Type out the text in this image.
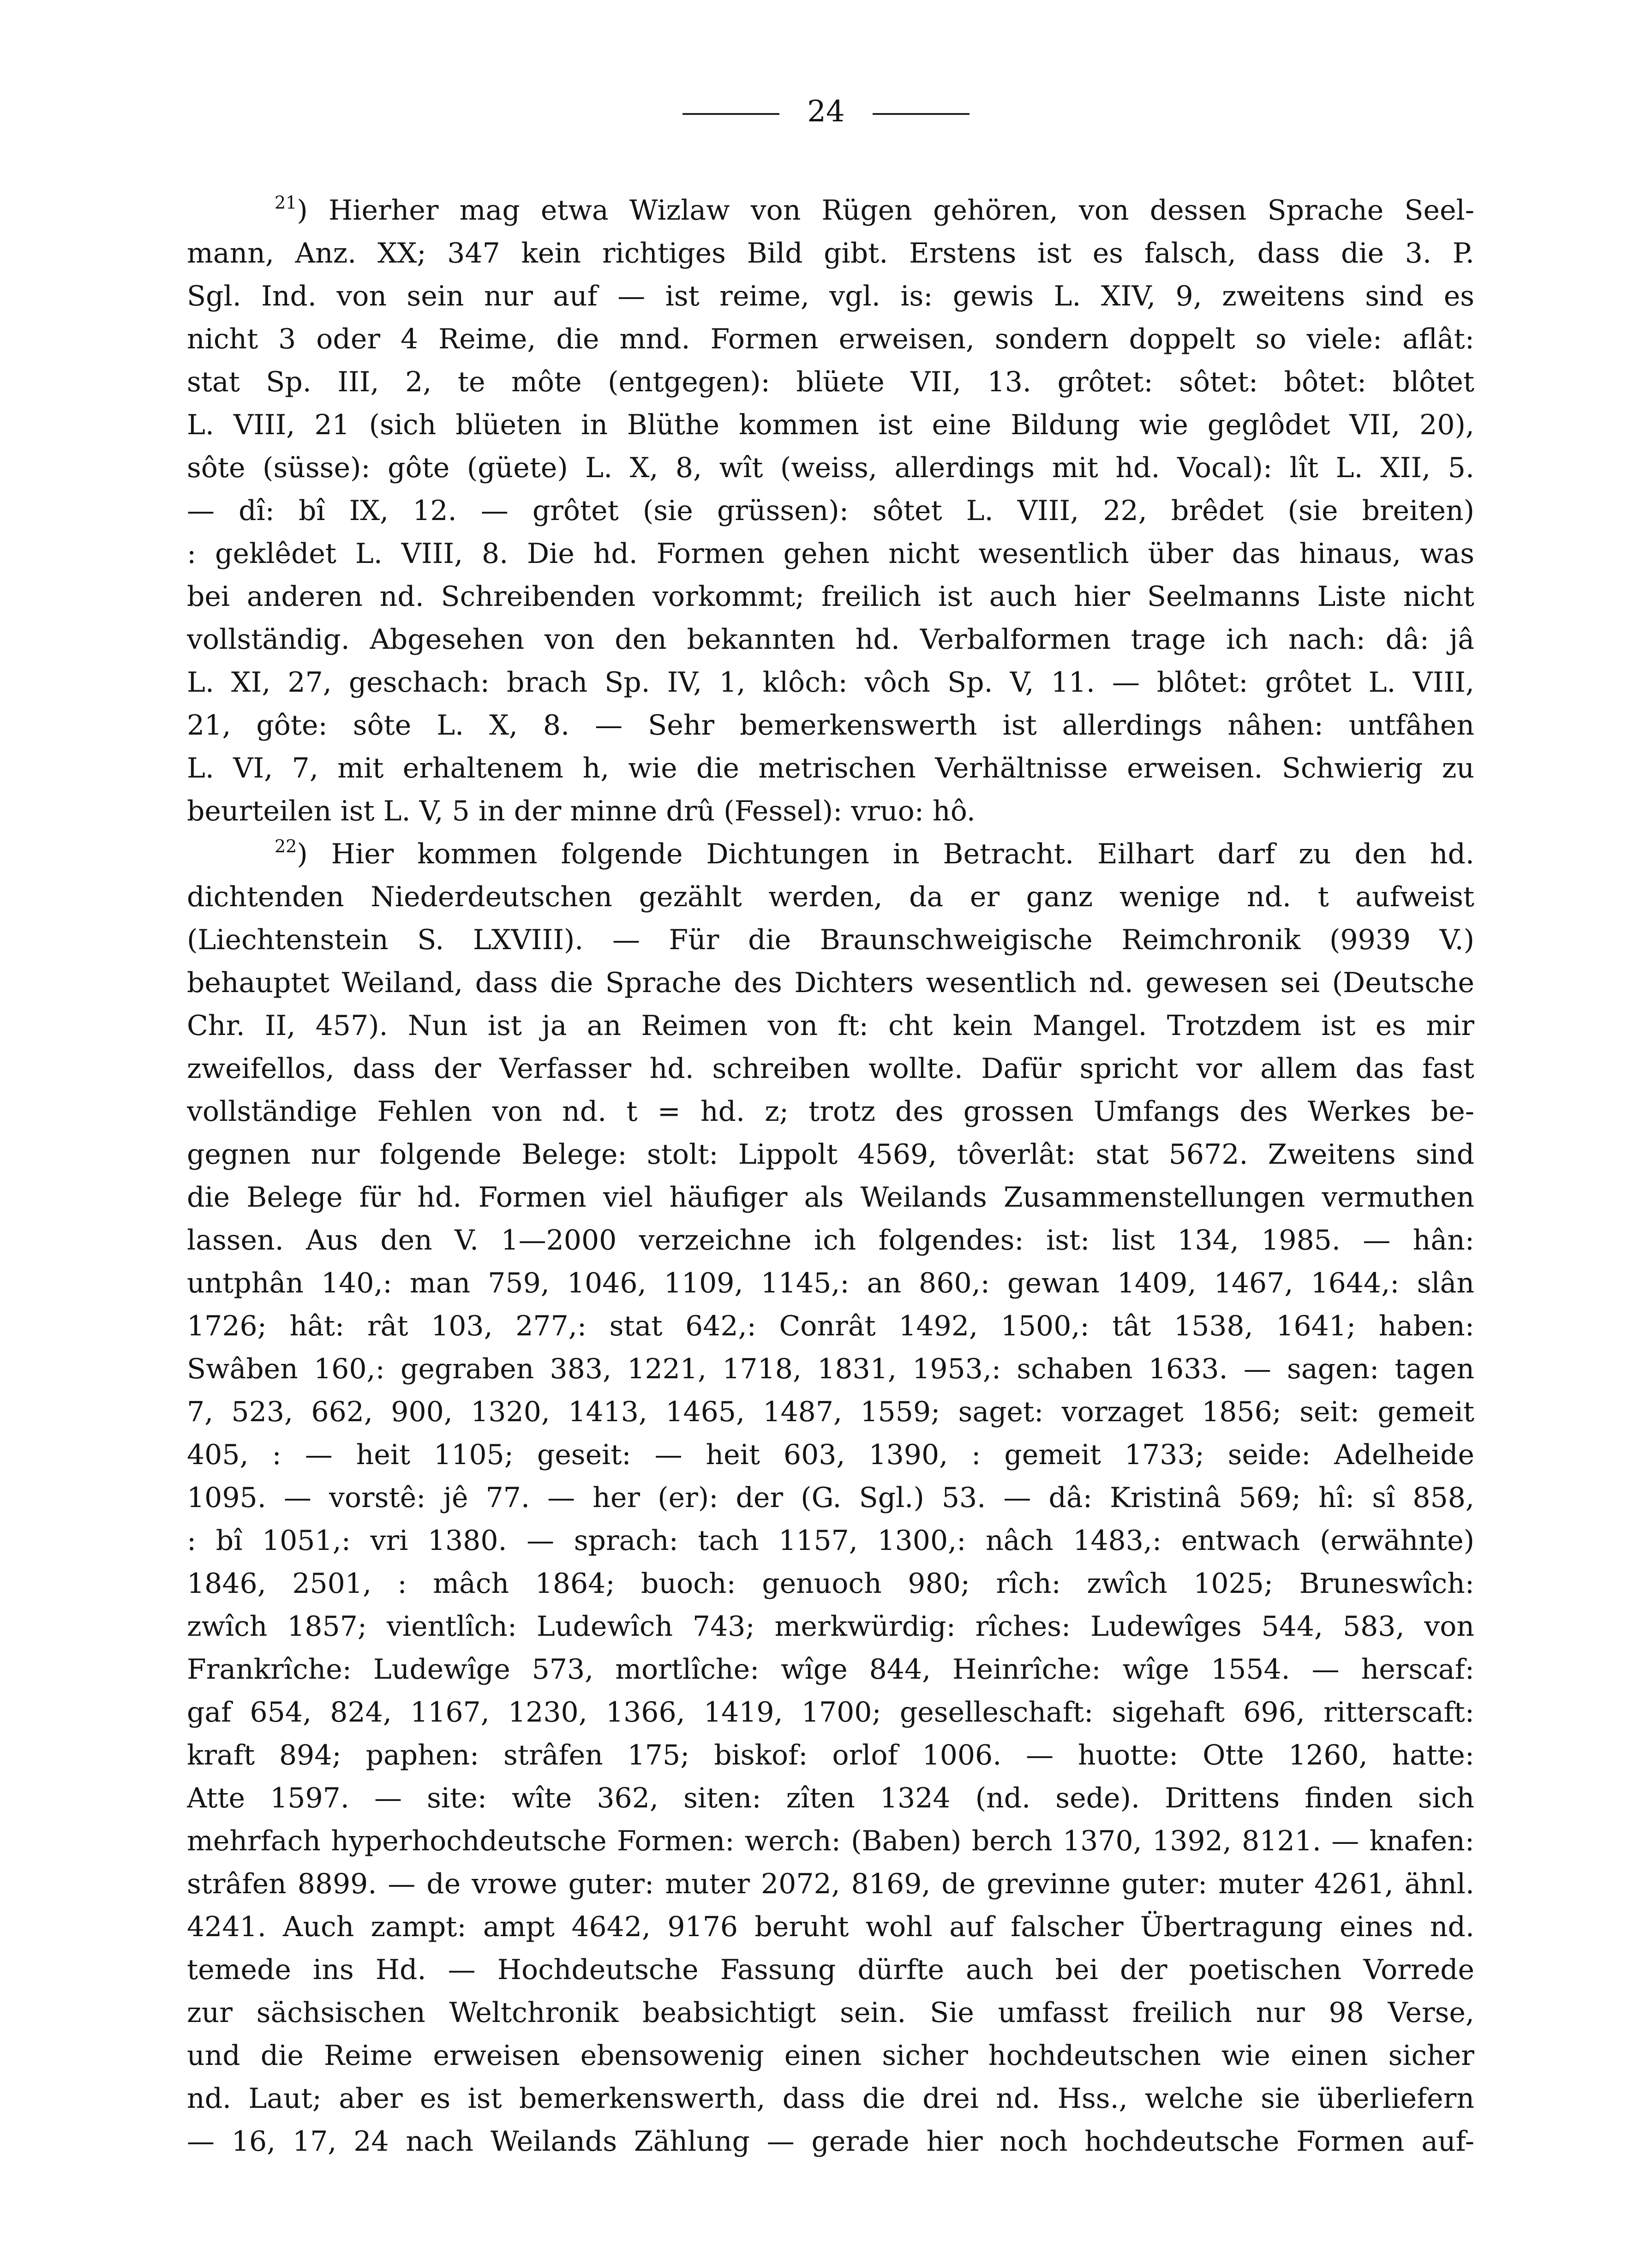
24
$^{21}$) Hierher mag etwa Wizlaw von Rügen gehören, von dessen Sprache Seel-
mann, Anz. XX; 347 kein richtiges Bild gibt. Erstens ist es falsch, dass die 3. P.
Sgl. Ind. von sein nur auf — ist reime, vgl. is: gewis L. XIV, 9, zweitens sind es
nicht 3 oder 4 Reime, die mnd. Formen erweisen, sondern doppelt so viele: aflât:
stat Sp. III, 2, te môte (entgegen): blüete VII, 13. grôtet: sôtet: bôtet: blôtet
L. VIII, 21 (sich blüeten in Blüthe kommen ist eine Bildung wie geglôdet VII, 20),
sôte (süsse): gôte (güete) L. X, 8, wît (weiss, allerdings mit hd. Vocal): lît L. XII, 5.
— dî: bî IX, 12. — grôtet (sie grüssen): sôtet L. VIII, 22, brêdet (sie breiten)
: geklêdet L. VIII, 8. Die hd. Formen gehen nicht wesentlich über das hinaus, was
bei anderen nd. Schreibenden vorkommt; freilich ist auch hier Seelmanns Liste nicht
vollständig. Abgesehen von den bekannten hd. Verbalformen trage ich nach: dâ: jâ
L. XI, 27, geschach: brach Sp. IV, 1, klôch: vôch Sp. V, 11. — blôtet: grôtet L. VIII,
21, gôte: sôte L. X, 8. — Sehr bemerkenswerth ist allerdings nâhen: untfâhen
L. VI, 7, mit erhaltenem h, wie die metrischen Verhältnisse erweisen. Schwierig zu
beurteilen ist L. V, 5 in der minne drû (Fessel): vruo: hô.
$^{22}$) Hier kommen folgende Dichtungen in Betracht. Eilhart darf zu den hd.
dichtenden Niederdeutschen gezählt werden, da er ganz wenige nd. t aufweist
(Liechtenstein S. LXVIII). — Für die Braunschweigische Reimchronik (9939 V.)
behauptet Weiland, dass die Sprache des Dichters wesentlich nd. gewesen sei (Deutsche
Chr. II, 457). Nun ist ja an Reimen von ft: cht kein Mangel. Trotzdem ist es mir
zweifellos, dass der Verfasser hd. schreiben wollte. Dafür spricht vor allem das fast
vollständige Fehlen von nd. t = hd. z; trotz des grossen Umfangs des Werkes be-
gegnen nur folgende Belege: stolt: Lippolt 4569, tôverlât: stat 5672. Zweitens sind
die Belege für hd. Formen viel häufiger als Weilands Zusammenstellungen vermuthen
lassen. Aus den V. 1—2000 verzeichne ich folgendes: ist: list 134, 1985. — hân:
untphân 140,: man 759, 1046, 1109, 1145,: an 860,: gewan 1409, 1467, 1644,: slân
1726; hât: rât 103, 277,: stat 642,: Conrât 1492, 1500,: tât 1538, 1641; haben:
Swâben 160,: gegraben 383, 1221, 1718, 1831, 1953,: schaben 1633. — sagen: tagen
7, 523, 662, 900, 1320, 1413, 1465, 1487, 1559; saget: vorzaget 1856; seit: gemeit
405, : — heit 1105; geseit: — heit 603, 1390, : gemeit 1733; seide: Adelheide
1095. — vorstê: jê 77. — her (er): der (G. Sgl.) 53. — dâ: Kristinâ 569; hî: sî 858,
: bî 1051,: vri 1380. — sprach: tach 1157, 1300,: nâch 1483,: entwach (erwähnte)
1846, 2501, : mâch 1864; buoch: genuoch 980; rîch: zwîch 1025; Bruneswîch:
zwîch 1857; vientlîch: Ludewîch 743; merkwürdig: rîches: Ludewîges 544, 583, von
Frankrîche: Ludewîge 573, mortlîche: wîge 844, Heinrîche: wîge 1554. — herscaf:
gaf 654, 824, 1167, 1230, 1366, 1419, 1700; geselleschaft: sigehaft 696, ritterscaft:
kraft 894; paphen: strâfen 175; biskof: orlof 1006. — huotte: Otte 1260, hatte:
Atte 1597. — site: wîte 362, siten: zîten 1324 (nd. sede). Drittens finden sich
mehrfach hyperhochdeutsche Formen: werch: (Baben) berch 1370, 1392, 8121. — knafen:
strâfen 8899. — de vrowe guter: muter 2072, 8169, de grevinne guter: muter 4261, ähnl.
4241. Auch zampt: ampt 4642, 9176 beruht wohl auf falscher Übertragung eines nd.
temede ins Hd. — Hochdeutsche Fassung dürfte auch bei der poetischen Vorrede
zur sächsischen Weltchronik beabsichtigt sein. Sie umfasst freilich nur 98 Verse,
und die Reime erweisen ebensowenig einen sicher hochdeutschen wie einen sicher
nd. Laut; aber es ist bemerkenswerth, dass die drei nd. Hss., welche sie überliefern
— 16, 17, 24 nach Weilands Zählung — gerade hier noch hochdeutsche Formen auf-
